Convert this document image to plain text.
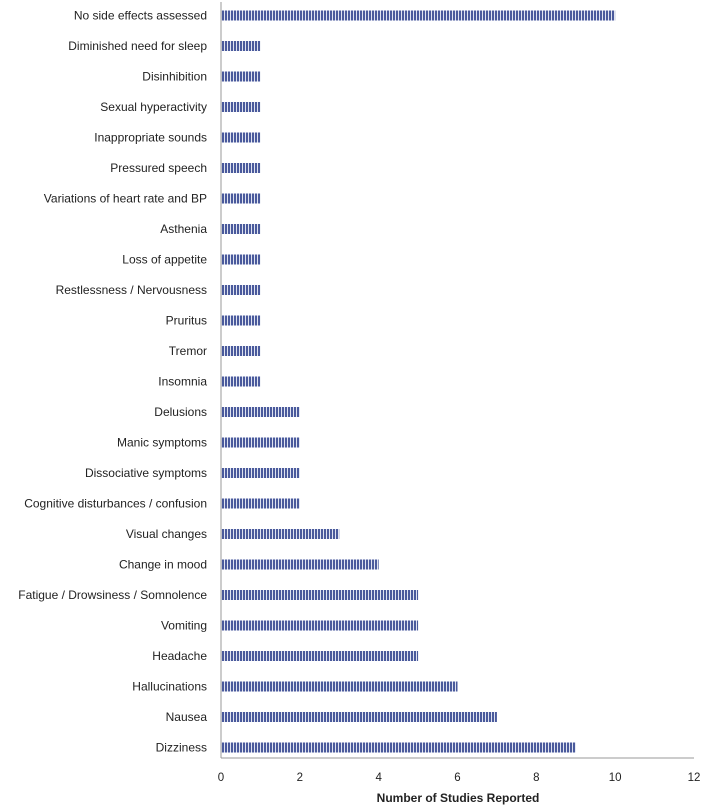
No side effects assessed
Diminished need for sleep
Disinhibition
Sexual hyperactivity
Inappropriate sounds
Pressured speech
Variations of heart rate and BP
Asthenia
Loss of appetite
Restlessness / Nervousness
Pruritus
Tremor
Insomnia
Delusions
Manic symptoms
Dissociative symptoms
Cognitive disturbances / confusion
Visual changes
Change in mood
Fatigue / Drowsiness / Somnolence
Vomiting
Headache
Hallucinations
Nausea
Dizziness
0	2	4	6	8	10	12
Number of Studies Reported
